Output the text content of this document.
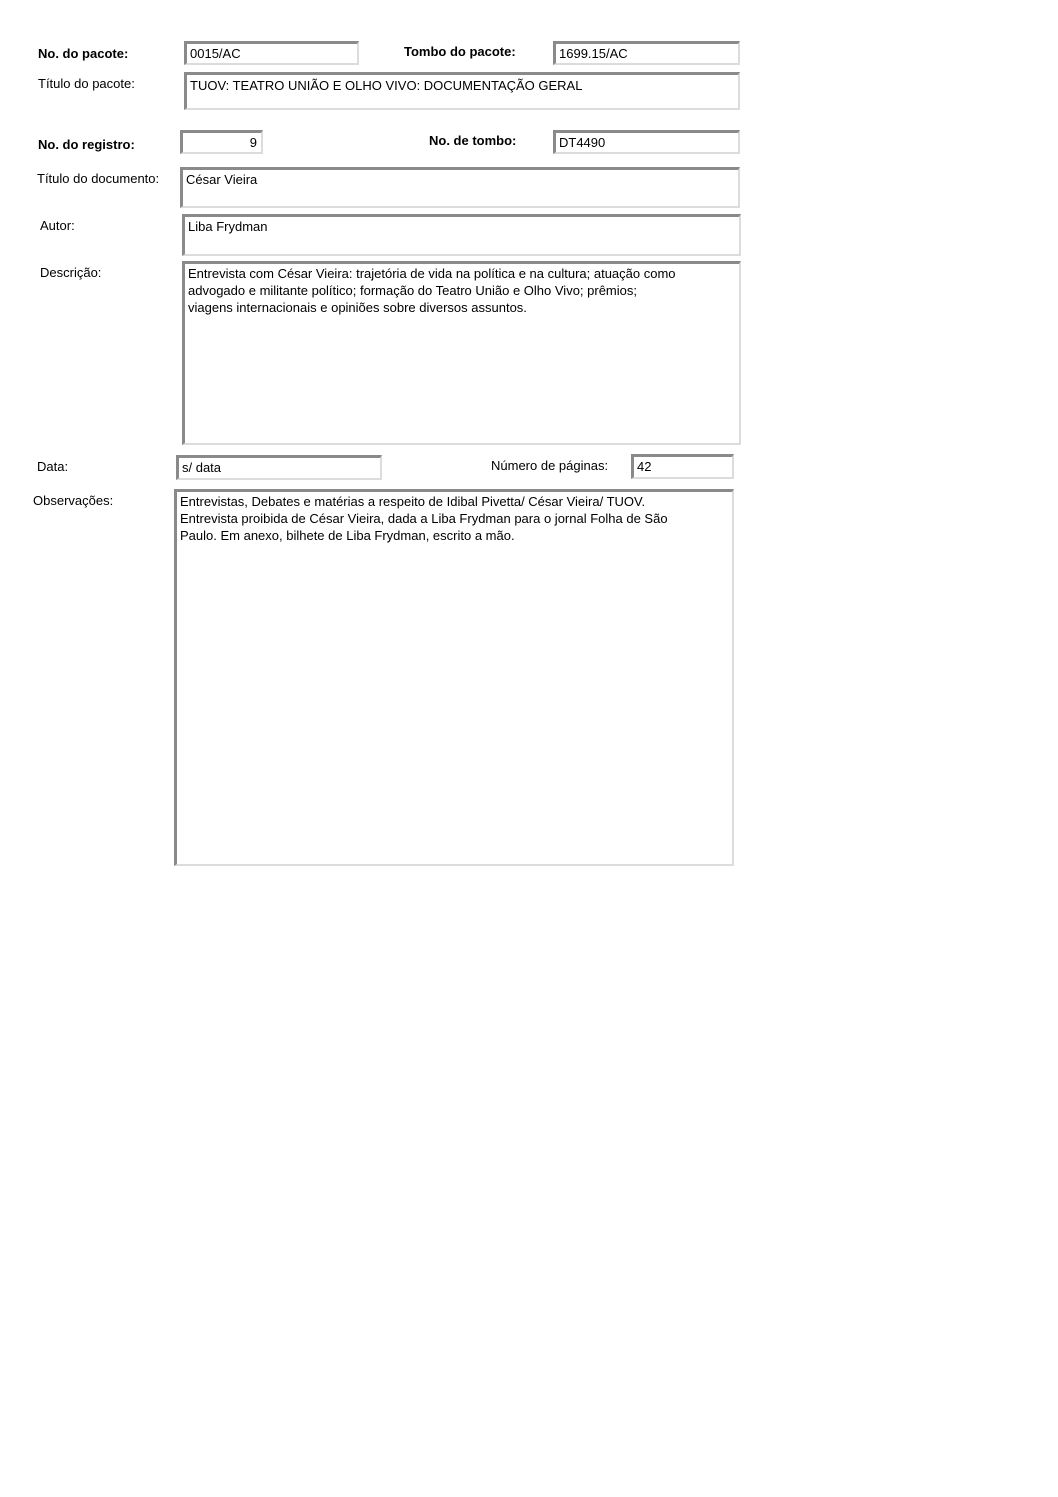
No. do pacote:	0015/AC	Tombo do pacote:	1699.15/AC
Título do pacote:	TUOV: TEATRO UNIÃO E OLHO VIVO: DOCUMENTAÇÃO GERAL
No. do registro:	9	No. de tombo:	DT4490
Título do documento:	César Vieira
Autor:	Liba Frydman
Descrição:	Entrevista com César Vieira: trajetória de vida na política e na cultura; atuação como
advogado e militante político; formação do Teatro União e Olho Vivo; prêmios;
viagens internacionais e opiniões sobre diversos assuntos.
Data:	s/ data	Número de páginas:	42
Observações:	Entrevistas, Debates e matérias a respeito de Idibal Pivetta/ César Vieira/ TUOV.
Entrevista proibida de César Vieira, dada a Liba Frydman para o jornal Folha de São
Paulo. Em anexo, bilhete de Liba Frydman, escrito a mão.
